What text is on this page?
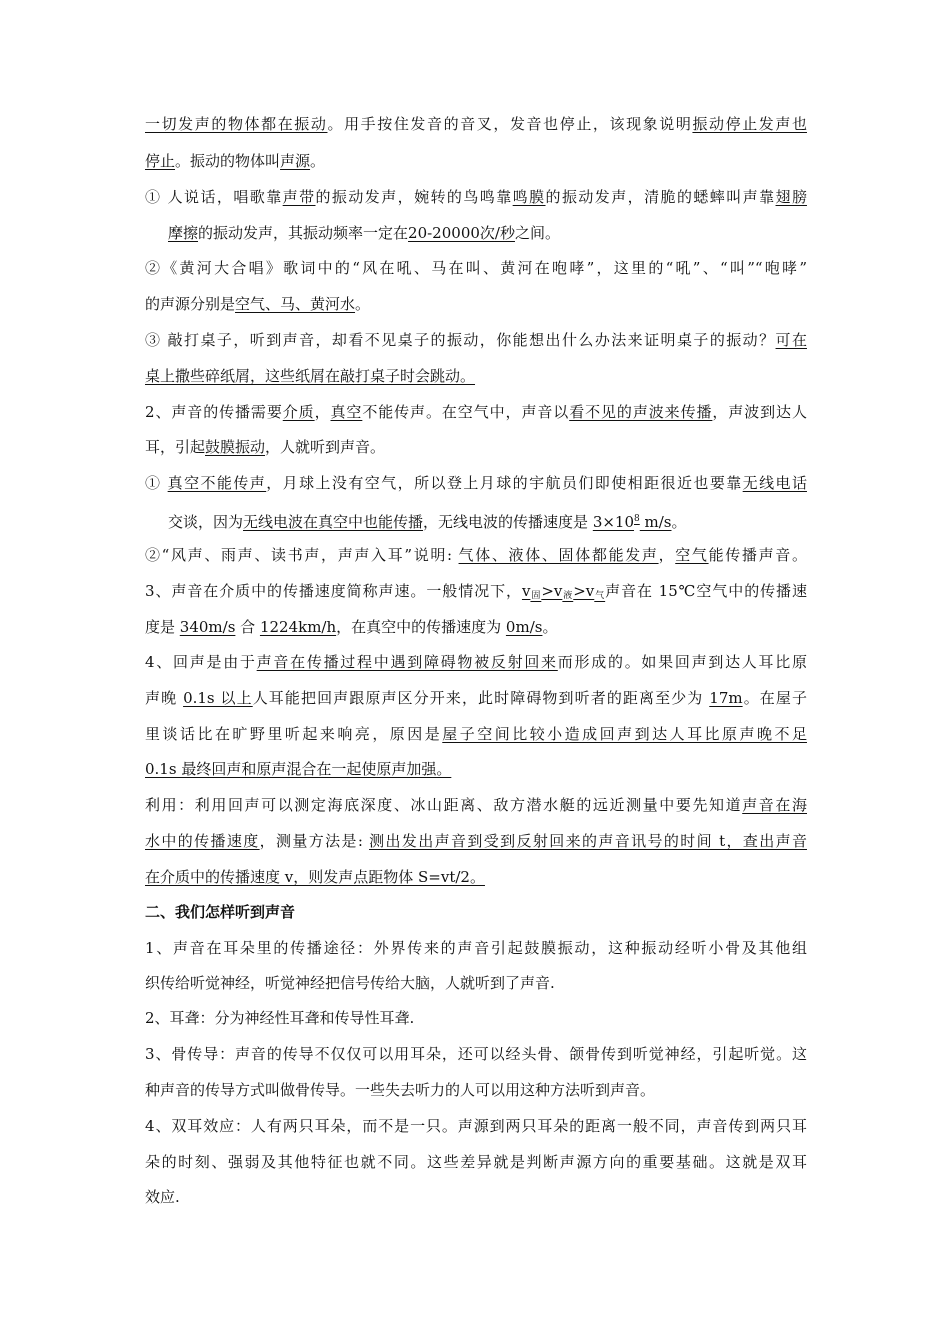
一切发声的物体都在振动。用手按住发音的音叉，发音也停止，该现象说明振动停止发声也
停止。振动的物体叫声源。
① 人说话，唱歌靠声带的振动发声，婉转的鸟鸣靠鸣膜的振动发声，清脆的蟋蟀叫声靠翅膀
摩擦的振动发声，其振动频率一定在20-20000次/秒之间。
②《黄河大合唱》歌词中的“风在吼、马在叫、黄河在咆哮”，这里的“吼”、“叫”“咆哮”
的声源分别是空气、马、黄河水。
③ 敲打桌子，听到声音，却看不见桌子的振动，你能想出什么办法来证明桌子的振动？可在
桌上撒些碎纸屑，这些纸屑在敲打桌子时会跳动。
2、声音的传播需要介质，真空不能传声。在空气中，声音以看不见的声波来传播，声波到达人
耳，引起鼓膜振动，人就听到声音。
① 真空不能传声，月球上没有空气，所以登上月球的宇航员们即使相距很近也要靠无线电话
交谈，因为无线电波在真空中也能传播，无线电波的传播速度是 $3\times 10^8$ m/s。
②“风声、雨声、读书声，声声入耳”说明: 气体、液体、固体都能发声，空气能传播声音。
3、声音在介质中的传播速度简称声速。一般情况下，$v_固>v_液>v_气$声音在 15℃空气中的传播速
度是 340m/s 合 1224km/h，在真空中的传播速度为 0m/s。
4、回声是由于声音在传播过程中遇到障碍物被反射回来而形成的。如果回声到达人耳比原
声晚 0.1s 以上人耳能把回声跟原声区分开来，此时障碍物到听者的距离至少为 17m。在屋子
里谈话比在旷野里听起来响亮，原因是屋子空间比较小造成回声到达人耳比原声晚不足
0.1s 最终回声和原声混合在一起使原声加强。
利用：利用回声可以测定海底深度、冰山距离、敌方潜水艇的远近测量中要先知道声音在海
水中的传播速度，测量方法是: 测出发出声音到受到反射回来的声音讯号的时间 t，查出声音
在介质中的传播速度 v，则发声点距物体 S=vt/2。
二、我们怎样听到声音
1、声音在耳朵里的传播途径：外界传来的声音引起鼓膜振动，这种振动经听小骨及其他组
织传给听觉神经，听觉神经把信号传给大脑，人就听到了声音.
2、耳聋：分为神经性耳聋和传导性耳聋.
3、骨传导：声音的传导不仅仅可以用耳朵，还可以经头骨、颌骨传到听觉神经，引起听觉。这
种声音的传导方式叫做骨传导。一些失去听力的人可以用这种方法听到声音。
4、双耳效应：人有两只耳朵，而不是一只。声源到两只耳朵的距离一般不同，声音传到两只耳
朵的时刻、强弱及其他特征也就不同。这些差异就是判断声源方向的重要基础。这就是双耳
效应.
